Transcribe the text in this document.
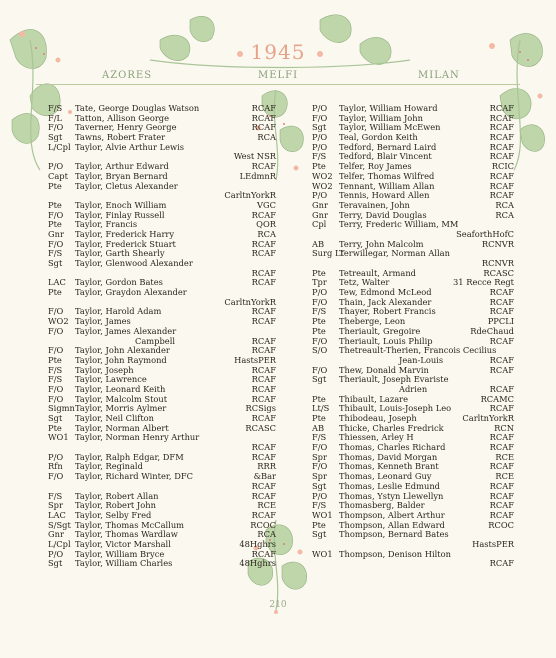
1945
AZORES	MELFI	MILAN
F/S	Tate, George Douglas Watson	RCAF
F/L	Tatton, Allison George	RCAF
F/O	Taverner, Henry George	RCAF
Sgt	Tawns, Robert Frater	RCA
L/Cpl Taylor, Alvie Arthur Lewis
West NSR
P/O	Taylor, Arthur Edward	RCAF
Capt Taylor, Bryan Bernard	LEdmnR
Pte	Taylor, Cletus Alexander
CarltnYorkR
Pte	Taylor, Enoch William	VGC
F/O	Taylor, Finlay Russell	RCAF
Pte	Taylor, Francis	QOR
Gnr	Taylor, Frederick Harry	RCA
F/O	Taylor, Frederick Stuart	RCAF
F/S	Taylor, Garth Shearly	RCAF
Sgt	Taylor, Glenwood Alexander
RCAF
LAC	Taylor, Gordon Bates	RCAF
Pte	Taylor, Graydon Alexander
CarltnYorkR
F/O	Taylor, Harold Adam	RCAF
WO2 Taylor, James	RCAF
F/O	Taylor, James Alexander
Campbell	RCAF
F/O	Taylor, John Alexander	RCAF
Pte	Taylor, John Raymond	HastsPER
F/S	Taylor, Joseph	RCAF
F/S	Taylor, Lawrence	RCAF
F/O	Taylor, Leonard Keith	RCAF
F/O	Taylor, Malcolm Stout	RCAF
Sigmn Taylor, Morris Aylmer	RCSigs
Sgt	Taylor, Neil Clifton	RCAF
Pte	Taylor, Norman Albert	RCASC
WO1 Taylor, Norman Henry Arthur
RCAF
P/O	Taylor, Ralph Edgar, DFM	RCAF
Rfn	Taylor, Reginald	RRR
F/O	Taylor, Richard Winter, DFC	&Bar
RCAF
F/S	Taylor, Robert Allan	RCAF
Spr	Taylor, Robert John	RCE
LAC	Taylor, Selby Fred	RCAF
S/Sgt Taylor, Thomas McCallum	RCOC
Gnr	Taylor, Thomas Wardlaw	RCA
L/Cpl Taylor, Victor Marshall	48Hghrs
P/O	Taylor, William Bryce	RCAF
Sgt	Taylor, William Charles	48Hghrs
P/O	Taylor, William Howard	RCAF
F/O	Taylor, William John	RCAF
Sgt	Taylor, William McEwen	RCAF
P/O	Teal, Gordon Keith	RCAF
P/O	Tedford, Bernard Laird	RCAF
F/S	Tedford, Blair Vincent	RCAF
Pte	Telfer, Roy James	RCIC
WO2 Telfer, Thomas Wilfred	RCAF
WO2 Tennant, William Allan	RCAF
P/O	Tennis, Howard Allen	RCAF
Gnr	Teravainen, John	RCA
Gnr	Terry, David Douglas	RCA
Cpl	Terry, Frederic William, MM
SeaforthHofC
AB	Terry, John Malcolm	RCNVR
Surg Lt
Terwillegar, Norman Allan
RCNVR
Pte	Tetreault, Armand	RCASC
Tpr	Tetz, Walter	31 Recce Regt
P/O	Tew, Edmond McLeod	RCAF
F/O	Thain, Jack Alexander	RCAF
F/S	Thayer, Robert Francis	RCAF
Pte	Theberge, Leon	PPCLI
Pte	Theriault, Gregoire	RdeChaud
F/O	Theriault, Louis Philip	RCAF
S/O	Thetreault-Therien, Francois Cecilius
Jean-Louis	RCAF
F/O	Thew, Donald Marvin	RCAF
Sgt	Theriault, Joseph Evariste
Adrien	RCAF
Pte	Thibault, Lazare	RCAMC
Lt/S	Thibault, Louis-Joseph Leo	RCAF
Pte	Thibodeau, Joseph	CarltnYorkR
AB	Thicke, Charles Fredrick	RCN
F/S	Thiessen, Arley H	RCAF
F/O	Thomas, Charles Richard	RCAF
Spr	Thomas, David Morgan	RCE
F/O	Thomas, Kenneth Brant	RCAF
Spr	Thomas, Leonard Guy	RCE
Sgt	Thomas, Leslie Edmund	RCAF
P/O	Thomas, Ystyn Llewellyn	RCAF
F/S	Thomasberg, Balder	RCAF
WO1 Thompson, Albert Arthur	RCAF
Pte	Thompson, Allan Edward	RCOC
Sgt	Thompson, Bernard Bates
HastsPER
WO1 Thompson, Denison Hilton
RCAF
210
